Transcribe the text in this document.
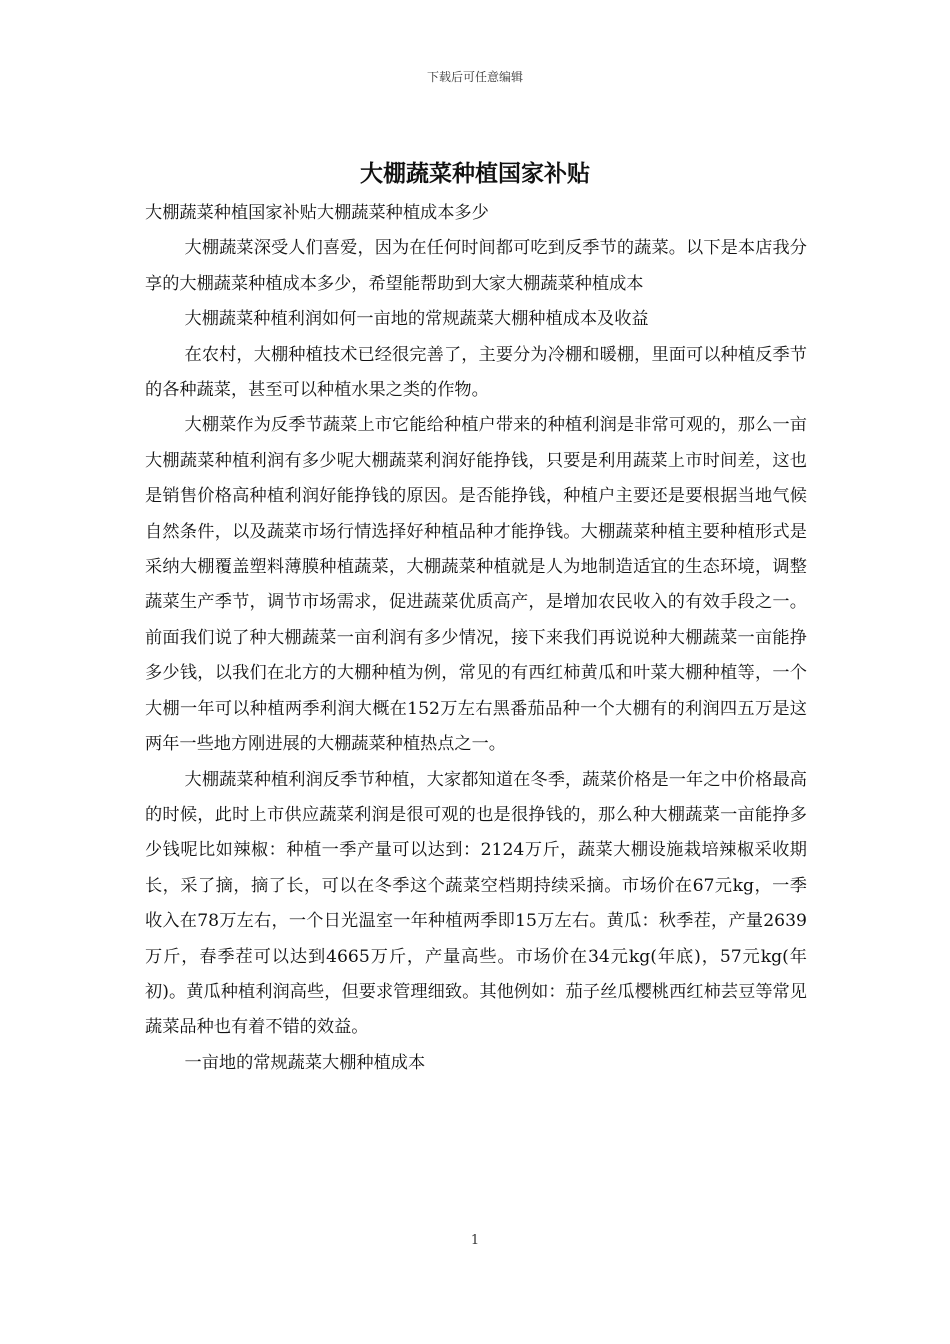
下载后可任意编辑
大棚蔬菜种植国家补贴

大棚蔬菜种植国家补贴大棚蔬菜种植成本多少

大棚蔬菜深受人们喜爱，因为在任何时间都可吃到反季节的蔬菜。以下是本店我分享的大棚蔬菜种植成本多少，希望能帮助到大家大棚蔬菜种植成本

大棚蔬菜种植利润如何一亩地的常规蔬菜大棚种植成本及收益

在农村，大棚种植技术已经很完善了，主要分为冷棚和暖棚，里面可以种植反季节的各种蔬菜，甚至可以种植水果之类的作物。

大棚菜作为反季节蔬菜上市它能给种植户带来的种植利润是非常可观的，那么一亩大棚蔬菜种植利润有多少呢大棚蔬菜利润好能挣钱，只要是利用蔬菜上市时间差，这也是销售价格高种植利润好能挣钱的原因。是否能挣钱，种植户主要还是要根据当地气候自然条件，以及蔬菜市场行情选择好种植品种才能挣钱。大棚蔬菜种植主要种植形式是采纳大棚覆盖塑料薄膜种植蔬菜，大棚蔬菜种植就是人为地制造适宜的生态环境，调整蔬菜生产季节，调节市场需求，促进蔬菜优质高产，是增加农民收入的有效手段之一。前面我们说了种大棚蔬菜一亩利润有多少情况，接下来我们再说说种大棚蔬菜一亩能挣多少钱，以我们在北方的大棚种植为例，常见的有西红柿黄瓜和叶菜大棚种植等，一个大棚一年可以种植两季利润大概在152万左右黑番茄品种一个大棚有的利润四五万是这两年一些地方刚进展的大棚蔬菜种植热点之一。

大棚蔬菜种植利润反季节种植，大家都知道在冬季，蔬菜价格是一年之中价格最高的时候，此时上市供应蔬菜利润是很可观的也是很挣钱的，那么种大棚蔬菜一亩能挣多少钱呢比如辣椒：种植一季产量可以达到：2124万斤，蔬菜大棚设施栽培辣椒采收期长，采了摘，摘了长，可以在冬季这个蔬菜空档期持续采摘。市场价在67元kg，一季收入在78万左右，一个日光温室一年种植两季即15万左右。黄瓜：秋季茬，产量2639万斤，春季茬可以达到4665万斤，产量高些。市场价在34元kg(年底)，57元kg(年初)。黄瓜种植利润高些，但要求管理细致。其他例如：茄子丝瓜樱桃西红柿芸豆等常见蔬菜品种也有着不错的效益。

一亩地的常规蔬菜大棚种植成本

1
